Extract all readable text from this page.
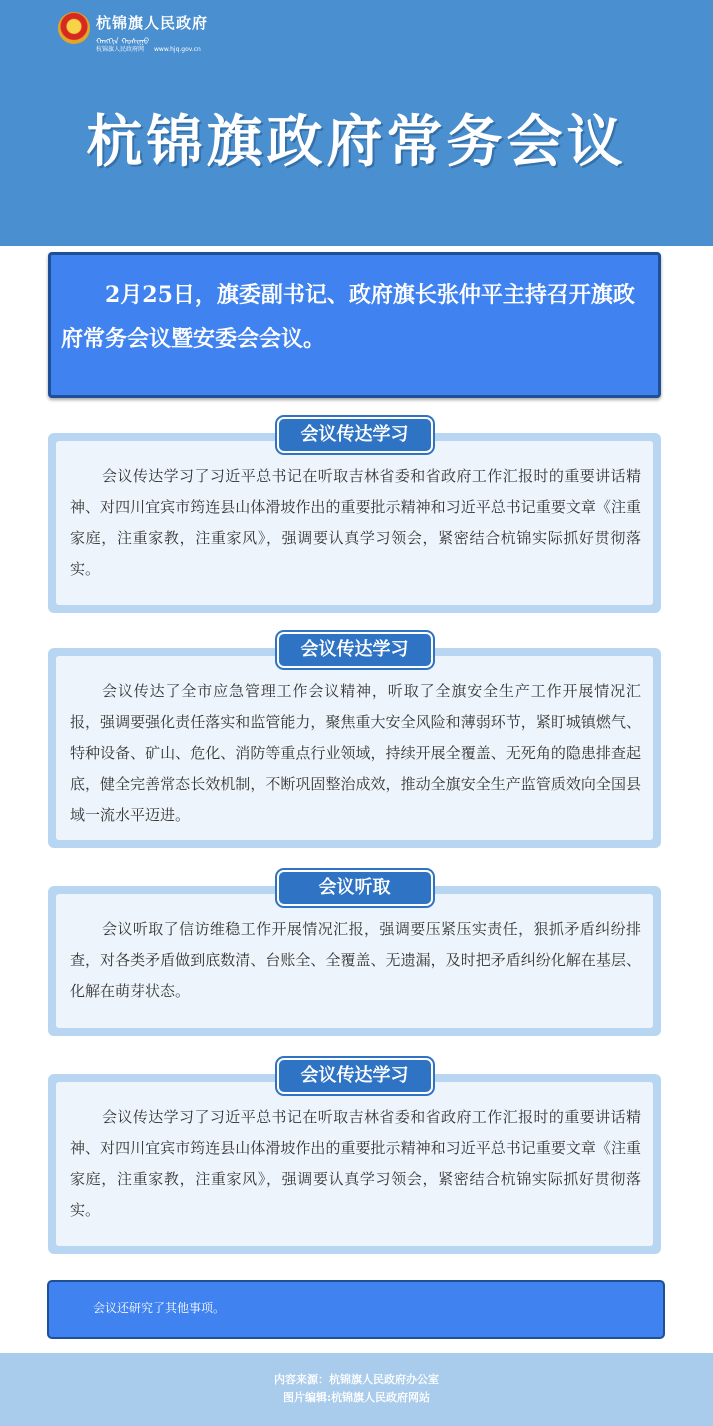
杭锦旗人民政府
ᠬᠠᠩᠭᠢᠨ ᠬᠣᠰᠢᠭᠤ
杭锦旗人民政府网 www.hjq.gov.cn
杭锦旗政府常务会议

2月25日，旗委副书记、政府旗长张仲平主持召开旗政府常务会议暨安委会会议。

会议传达学习了习近平总书记在听取吉林省委和省政府工作汇报时的重要讲话精神、对四川宜宾市筠连县山体滑坡作出的重要批示精神和习近平总书记重要文章《注重家庭，注重家教，注重家风》，强调要认真学习领会，紧密结合杭锦实际抓好贯彻落实。

会议传达学习

会议传达了全市应急管理工作会议精神，听取了全旗安全生产工作开展情况汇报，强调要强化责任落实和监管能力，聚焦重大安全风险和薄弱环节，紧盯城镇燃气、特种设备、矿山、危化、消防等重点行业领域，持续开展全覆盖、无死角的隐患排查起底，健全完善常态长效机制，不断巩固整治成效，推动全旗安全生产监管质效向全国县域一流水平迈进。

会议传达学习

会议听取了信访维稳工作开展情况汇报，强调要压紧压实责任，狠抓矛盾纠纷排查，对各类矛盾做到底数清、台账全、全覆盖、无遗漏，及时把矛盾纠纷化解在基层、化解在萌芽状态。

会议听取

会议传达学习了习近平总书记在听取吉林省委和省政府工作汇报时的重要讲话精神、对四川宜宾市筠连县山体滑坡作出的重要批示精神和习近平总书记重要文章《注重家庭，注重家教，注重家风》，强调要认真学习领会，紧密结合杭锦实际抓好贯彻落实。

会议传达学习

会议还研究了其他事项。

内容来源：杭锦旗人民政府办公室
图片编辑:杭锦旗人民政府网站
